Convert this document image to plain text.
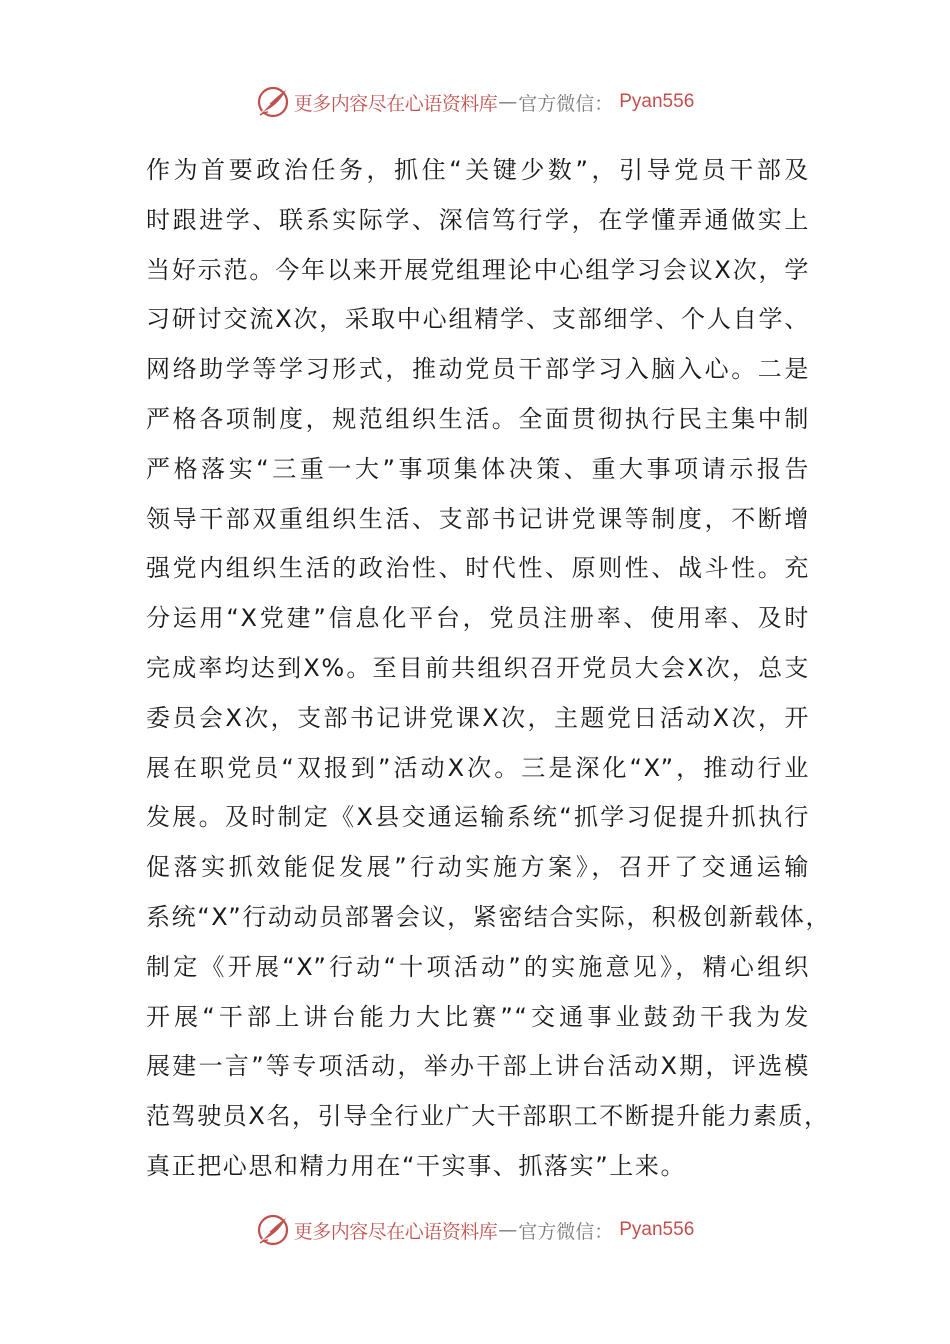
更多内容尽在心语资料库 — 官方微信： Pyan556
作为首要政治任务，抓住“关键少数”，引导党员干部及
时跟进学、联系实际学、深信笃行学，在学懂弄通做实上
当好示范。今年以来开展党组理论中心组学习会议X次，学
习研讨交流X次，采取中心组精学、支部细学、个人自学、
网络助学等学习形式，推动党员干部学习入脑入心。二是
严格各项制度，规范组织生活。全面贯彻执行民主集中制
严格落实“三重一大”事项集体决策、重大事项请示报告
领导干部双重组织生活、支部书记讲党课等制度，不断增
强党内组织生活的政治性、时代性、原则性、战斗性。充
分运用“X党建”信息化平台，党员注册率、使用率、及时
完成率均达到X%。至目前共组织召开党员大会X次，总支
委员会X次，支部书记讲党课X次，主题党日活动X次，开
展在职党员“双报到”活动X次。三是深化“X”，推动行业
发展。及时制定《X县交通运输系统“抓学习促提升抓执行
促落实抓效能促发展”行动实施方案》，召开了交通运输
系统“X”行动动员部署会议，紧密结合实际，积极创新载体，
制定《开展“X”行动“十项活动”的实施意见》，精心组织
开展“干部上讲台能力大比赛”“交通事业鼓劲干我为发
展建一言”等专项活动，举办干部上讲台活动X期，评选模
范驾驶员X名，引导全行业广大干部职工不断提升能力素质，
真正把心思和精力用在“干实事、抓落实”上来。
更多内容尽在心语资料库 — 官方微信： Pyan556
